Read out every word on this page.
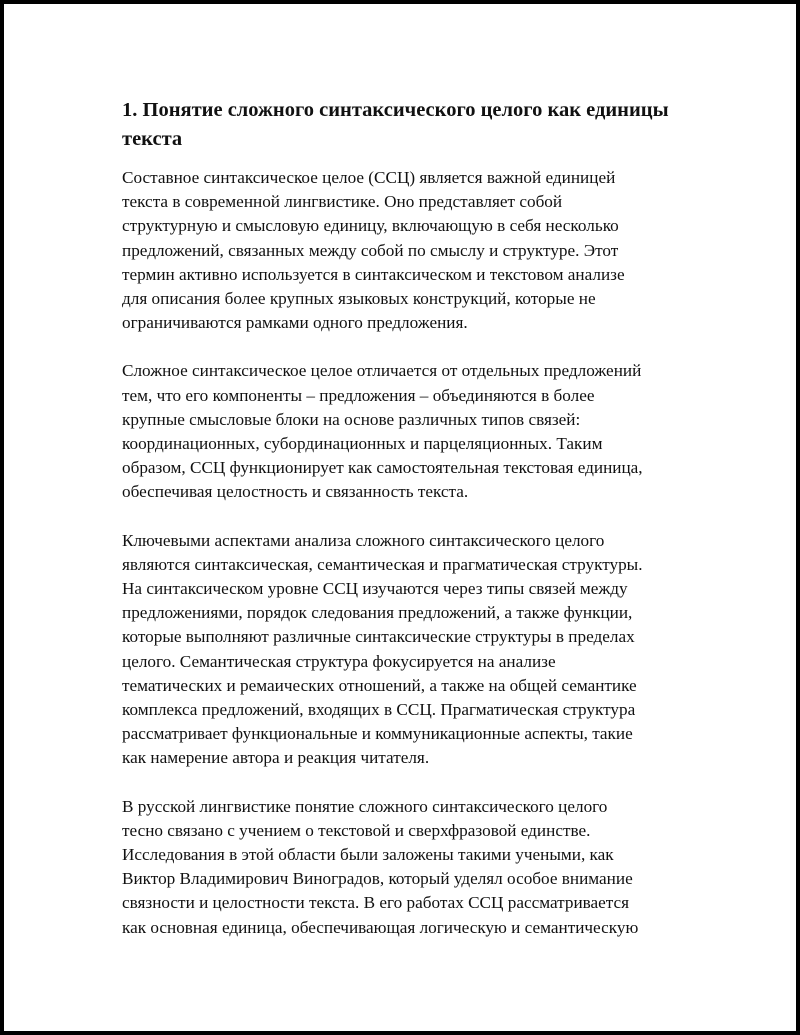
1. Понятие сложного синтаксического целого как единицы
текста

Составное синтаксическое целое (ССЦ) является важной единицей
текста в современной лингвистике. Оно представляет собой
структурную и смысловую единицу, включающую в себя несколько
предложений, связанных между собой по смыслу и структуре. Этот
термин активно используется в синтаксическом и текстовом анализе
для описания более крупных языковых конструкций, которые не
ограничиваются рамками одного предложения.

Сложное синтаксическое целое отличается от отдельных предложений
тем, что его компоненты – предложения – объединяются в более
крупные смысловые блоки на основе различных типов связей:
координационных, субординационных и парцеляционных. Таким
образом, ССЦ функционирует как самостоятельная текстовая единица,
обеспечивая целостность и связанность текста.

Ключевыми аспектами анализа сложного синтаксического целого
являются синтаксическая, семантическая и прагматическая структуры.
На синтаксическом уровне ССЦ изучаются через типы связей между
предложениями, порядок следования предложений, а также функции,
которые выполняют различные синтаксические структуры в пределах
целого. Семантическая структура фокусируется на анализе
тематических и ремаических отношений, а также на общей семантике
комплекса предложений, входящих в ССЦ. Прагматическая структура
рассматривает функциональные и коммуникационные аспекты, такие
как намерение автора и реакция читателя.

В русской лингвистике понятие сложного синтаксического целого
тесно связано с учением о текстовой и сверхфразовой единстве.
Исследования в этой области были заложены такими учеными, как
Виктор Владимирович Виноградов, который уделял особое внимание
связности и целостности текста. В его работах ССЦ рассматривается
как основная единица, обеспечивающая логическую и семантическую
